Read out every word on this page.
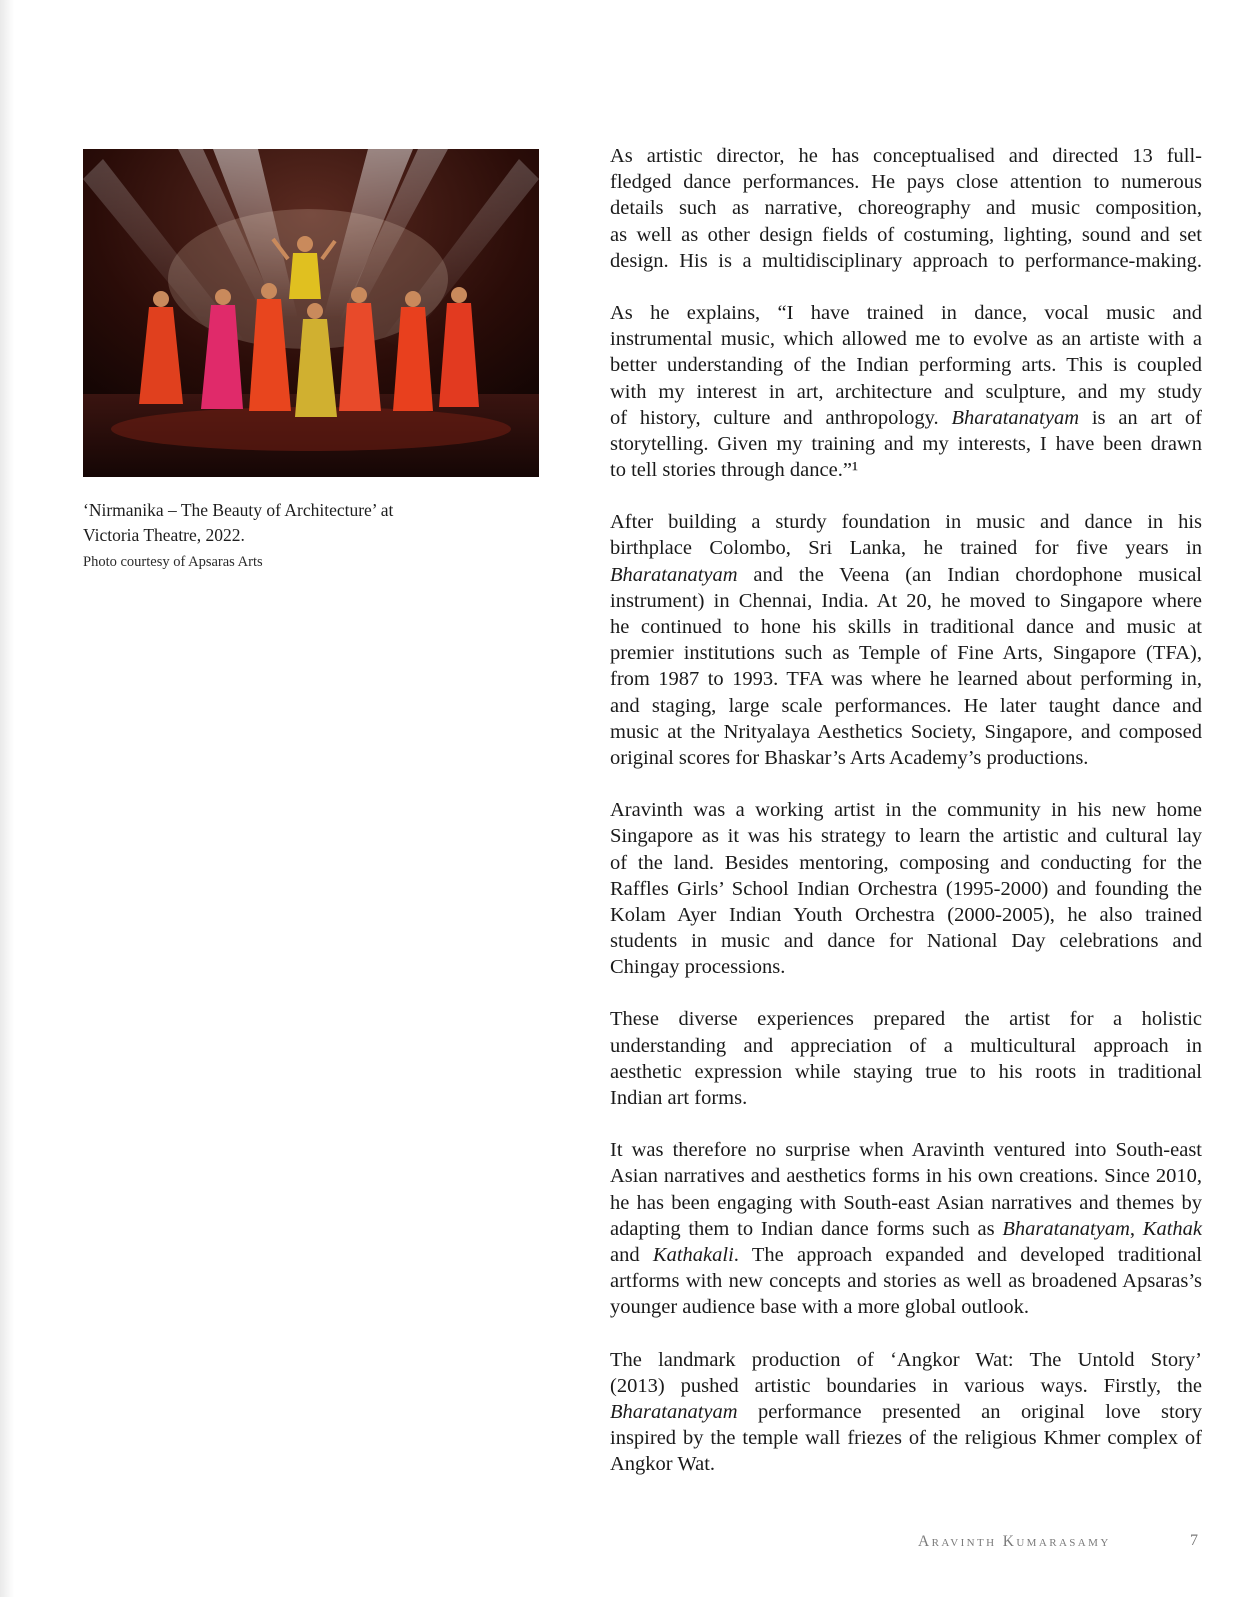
‘Nirmanika – The Beauty of Architecture’ at
Victoria Theatre, 2022.
Photo courtesy of Apsaras Arts
As artistic director, he has conceptualised and directed 13 full-
fledged dance performances. He pays close attention to numerous
details such as narrative, choreography and music composition,
as well as other design fields of costuming, lighting, sound and set
design. His is a multidisciplinary approach to performance-making.
As he explains, “I have trained in dance, vocal music and
instrumental music, which allowed me to evolve as an artiste with a
better understanding of the Indian performing arts. This is coupled
with my interest in art, architecture and sculpture, and my study
of history, culture and anthropology. Bharatanatyam is an art of
storytelling. Given my training and my interests, I have been drawn
to tell stories through dance.”¹
After building a sturdy foundation in music and dance in his
birthplace Colombo, Sri Lanka, he trained for five years in
Bharatanatyam and the Veena (an Indian chordophone musical
instrument) in Chennai, India. At 20, he moved to Singapore where
he continued to hone his skills in traditional dance and music at
premier institutions such as Temple of Fine Arts, Singapore (TFA),
from 1987 to 1993. TFA was where he learned about performing in,
and staging, large scale performances. He later taught dance and
music at the Nrityalaya Aesthetics Society, Singapore, and composed
original scores for Bhaskar’s Arts Academy’s productions.
Aravinth was a working artist in the community in his new home
Singapore as it was his strategy to learn the artistic and cultural lay
of the land. Besides mentoring, composing and conducting for the
Raffles Girls’ School Indian Orchestra (1995-2000) and founding the
Kolam Ayer Indian Youth Orchestra (2000-2005), he also trained
students in music and dance for National Day celebrations and
Chingay processions.
These diverse experiences prepared the artist for a holistic
understanding and appreciation of a multicultural approach in
aesthetic expression while staying true to his roots in traditional
Indian art forms.
It was therefore no surprise when Aravinth ventured into South-east
Asian narratives and aesthetics forms in his own creations. Since 2010,
he has been engaging with South-east Asian narratives and themes by
adapting them to Indian dance forms such as Bharatanatyam, Kathak
and Kathakali. The approach expanded and developed traditional
artforms with new concepts and stories as well as broadened Apsaras’s
younger audience base with a more global outlook.
The landmark production of ‘Angkor Wat: The Untold Story’
(2013) pushed artistic boundaries in various ways. Firstly, the
Bharatanatyam performance presented an original love story
inspired by the temple wall friezes of the religious Khmer complex of
Angkor Wat.
Aravinth Kumarasamy	7
